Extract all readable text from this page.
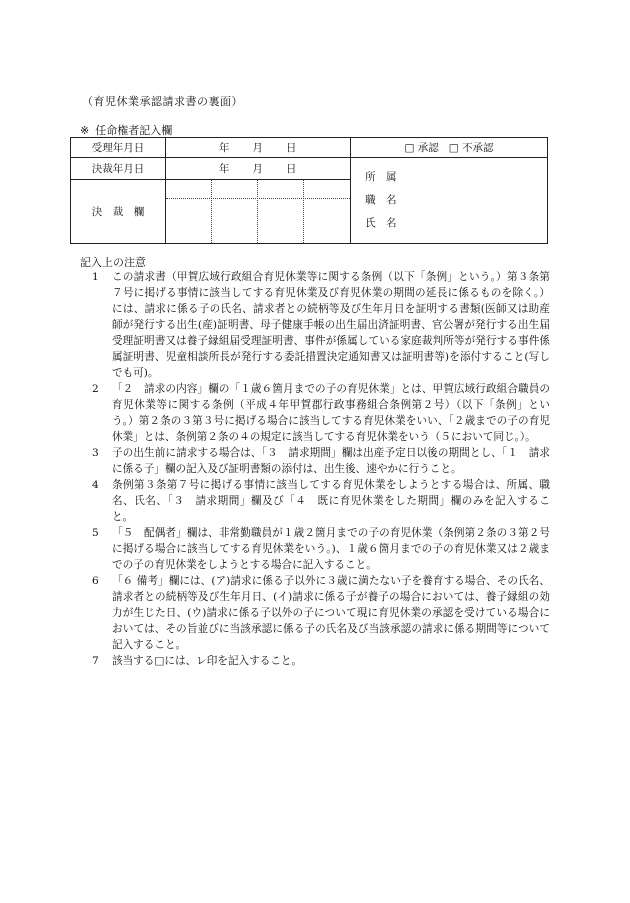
（育児休業承認請求書の裏面）
※ 任命権者記入欄
受理年月日	年 月 日	□ 承認 □ 不承認
決裁年月日	年 月 日	所　属
職　名
氏　名

決　裁　欄		
記入上の注意
1	この請求書（甲賀広域行政組合育児休業等に関する条例（以下「条例」という。）第３条第７号に掲げる事情に該当してする育児休業及び育児休業の期間の延長に係るものを除く。）には、請求に係る子の氏名、請求者との続柄等及び生年月日を証明する書類(医師又は助産師が発行する出生(産)証明書、母子健康手帳の出生届出済証明書、官公署が発行する出生届受理証明書又は養子縁組届受理証明書、事件が係属している家庭裁判所等が発行する事件係属証明書、児童相談所長が発行する委託措置決定通知書又は証明書等)を添付すること(写しでも可)。
2	「２　請求の内容」欄の「１歳６箇月までの子の育児休業」とは、甲賀広域行政組合職員の育児休業等に関する条例（平成４年甲賀郡行政事務組合条例第２号）（以下「条例」という。）第２条の３第３号に掲げる場合に該当してする育児休業をいい、「２歳までの子の育児休業」とは、条例第２条の４の規定に該当してする育児休業をいう（５において同じ。）。
3	子の出生前に請求する場合は、「３　請求期間」欄は出産予定日以後の期間とし、「１　請求に係る子」欄の記入及び証明書類の添付は、出生後、速やかに行うこと。
4	条例第３条第７号に掲げる事情に該当してする育児休業をしようとする場合は、所属、職名、氏名、「３　請求期間」欄及び「４　既に育児休業をした期間」欄のみを記入すること。
5	「５　配偶者」欄は、非常勤職員が１歳２箇月までの子の育児休業（条例第２条の３第２号に掲げる場合に該当してする育児休業をいう。)、１歳６箇月までの子の育児休業又は２歳までの子の育児休業をしようとする場合に記入すること。
6	「６ 備考」欄には、(ア)請求に係る子以外に３歳に満たない子を養育する場合、その氏名、請求者との続柄等及び生年月日、(イ)請求に係る子が養子の場合においては、養子縁組の効力が生じた日、(ウ)請求に係る子以外の子について現に育児休業の承認を受けている場合においては、その旨並びに当該承認に係る子の氏名及び当該承認の請求に係る期間等について記入すること。
7	該当する□には、レ印を記入すること。
